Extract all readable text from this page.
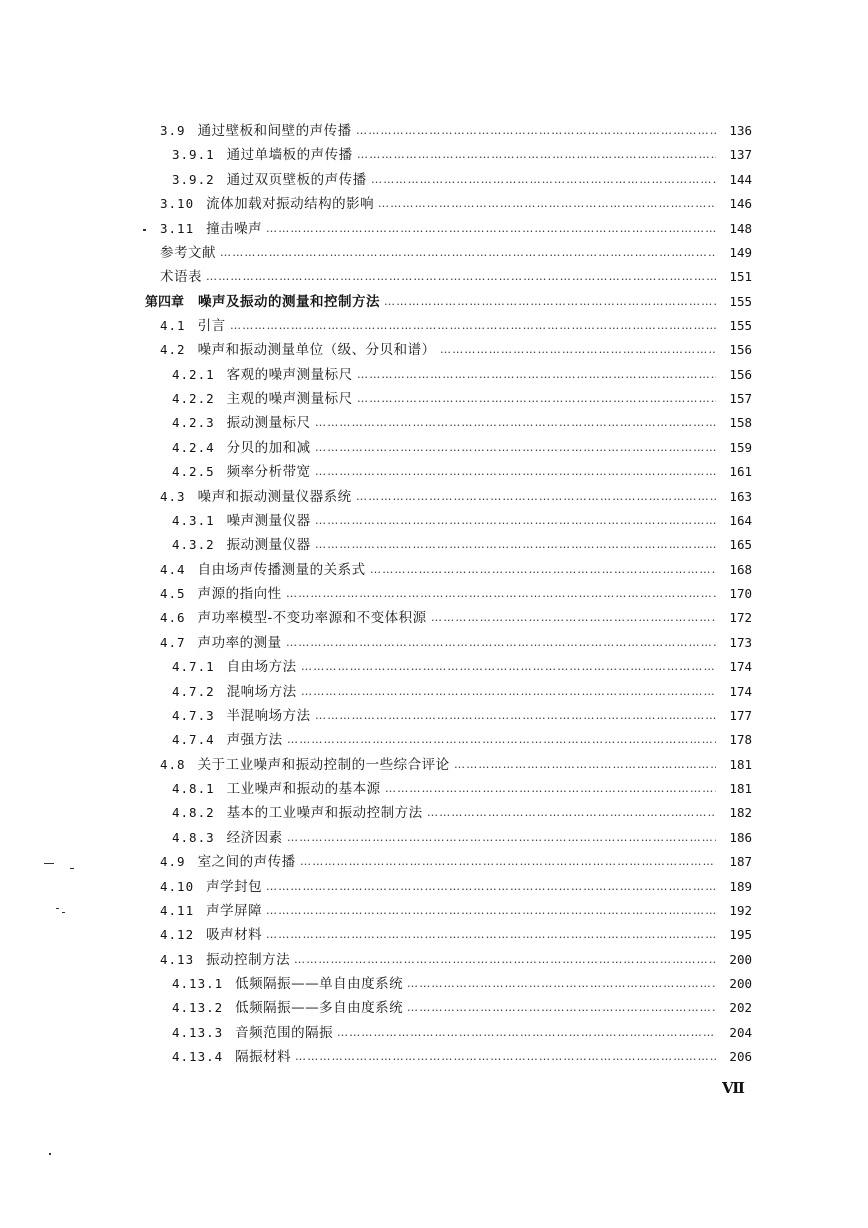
3.9 通过壁板和间壁的声传播 ……………………………………………………………………………………………………………………………………………………………………………………………………………………………………………………………………	136
3.9.1 通过单墙板的声传播 ……………………………………………………………………………………………………………………………………………………………………………………………………………………………………………………………………	137
3.9.2 通过双页壁板的声传播 ……………………………………………………………………………………………………………………………………………………………………………………………………………………………………………………………………	144
3.10 流体加载对振动结构的影响 ……………………………………………………………………………………………………………………………………………………………………………………………………………………………………………………………………	146
3.11 撞击噪声 ……………………………………………………………………………………………………………………………………………………………………………………………………………………………………………………………………	148
参考文献 ……………………………………………………………………………………………………………………………………………………………………………………………………………………………………………………………………	149
术语表 ……………………………………………………………………………………………………………………………………………………………………………………………………………………………………………………………………	151
第四章 噪声及振动的测量和控制方法 ……………………………………………………………………………………………………………………………………………………………………………………………………………………………………………………………………	155
4.1 引言 ……………………………………………………………………………………………………………………………………………………………………………………………………………………………………………………………………	155
4.2 噪声和振动测量单位（级、分贝和谱） ……………………………………………………………………………………………………………………………………………………………………………………………………………………………………………………………………	156
4.2.1 客观的噪声测量标尺 ……………………………………………………………………………………………………………………………………………………………………………………………………………………………………………………………………	156
4.2.2 主观的噪声测量标尺 ……………………………………………………………………………………………………………………………………………………………………………………………………………………………………………………………………	157
4.2.3 振动测量标尺 ……………………………………………………………………………………………………………………………………………………………………………………………………………………………………………………………………	158
4.2.4 分贝的加和减 ……………………………………………………………………………………………………………………………………………………………………………………………………………………………………………………………………	159
4.2.5 频率分析带宽 ……………………………………………………………………………………………………………………………………………………………………………………………………………………………………………………………………	161
4.3 噪声和振动测量仪器系统 ……………………………………………………………………………………………………………………………………………………………………………………………………………………………………………………………………	163
4.3.1 噪声测量仪器 ……………………………………………………………………………………………………………………………………………………………………………………………………………………………………………………………………	164
4.3.2 振动测量仪器 ……………………………………………………………………………………………………………………………………………………………………………………………………………………………………………………………………	165
4.4 自由场声传播测量的关系式 ……………………………………………………………………………………………………………………………………………………………………………………………………………………………………………………………………	168
4.5 声源的指向性 ……………………………………………………………………………………………………………………………………………………………………………………………………………………………………………………………………	170
4.6 声功率模型-不变功率源和不变体积源 ……………………………………………………………………………………………………………………………………………………………………………………………………………………………………………………………………	172
4.7 声功率的测量 ……………………………………………………………………………………………………………………………………………………………………………………………………………………………………………………………………	173
4.7.1 自由场方法 ……………………………………………………………………………………………………………………………………………………………………………………………………………………………………………………………………	174
4.7.2 混响场方法 ……………………………………………………………………………………………………………………………………………………………………………………………………………………………………………………………………	174
4.7.3 半混响场方法 ……………………………………………………………………………………………………………………………………………………………………………………………………………………………………………………………………	177
4.7.4 声强方法 ……………………………………………………………………………………………………………………………………………………………………………………………………………………………………………………………………	178
4.8 关于工业噪声和振动控制的一些综合评论 ……………………………………………………………………………………………………………………………………………………………………………………………………………………………………………………………………	181
4.8.1 工业噪声和振动的基本源 ……………………………………………………………………………………………………………………………………………………………………………………………………………………………………………………………………	181
4.8.2 基本的工业噪声和振动控制方法 ……………………………………………………………………………………………………………………………………………………………………………………………………………………………………………………………………	182
4.8.3 经济因素 ……………………………………………………………………………………………………………………………………………………………………………………………………………………………………………………………………	186
4.9 室之间的声传播 ……………………………………………………………………………………………………………………………………………………………………………………………………………………………………………………………………	187
4.10 声学封包 ……………………………………………………………………………………………………………………………………………………………………………………………………………………………………………………………………	189
4.11 声学屏障 ……………………………………………………………………………………………………………………………………………………………………………………………………………………………………………………………………	192
4.12 吸声材料 ……………………………………………………………………………………………………………………………………………………………………………………………………………………………………………………………………	195
4.13 振动控制方法 ……………………………………………………………………………………………………………………………………………………………………………………………………………………………………………………………………	200
4.13.1 低频隔振——单自由度系统 ……………………………………………………………………………………………………………………………………………………………………………………………………………………………………………………………………	200
4.13.2 低频隔振——多自由度系统 ……………………………………………………………………………………………………………………………………………………………………………………………………………………………………………………………………	202
4.13.3 音频范围的隔振 ……………………………………………………………………………………………………………………………………………………………………………………………………………………………………………………………………	204
4.13.4 隔振材料 ……………………………………………………………………………………………………………………………………………………………………………………………………………………………………………………………………	206
Ⅶ
